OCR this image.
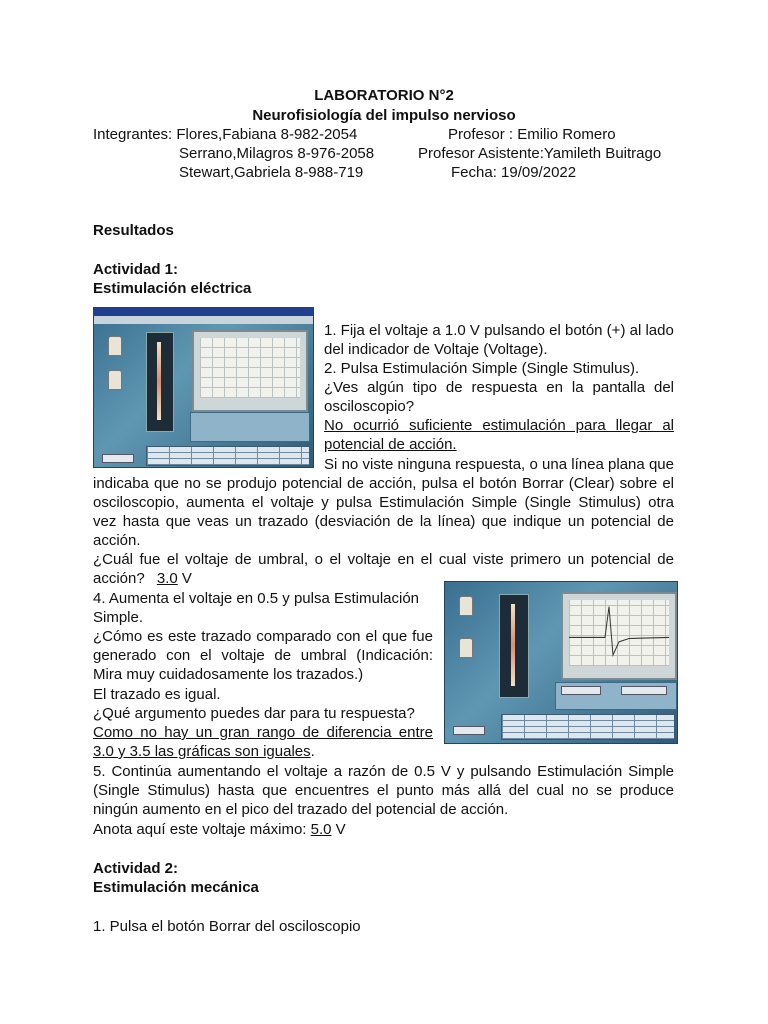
LABORATORIO N°2
Neurofisiología del impulso nervioso
Integrantes: Flores,Fabiana 8-982-2054
Serrano,Milagros 8-976-2058
Stewart,Gabriela 8-988-719
Profesor : Emilio Romero
Profesor Asistente:Yamileth Buitrago
Fecha: 19/09/2022
Resultados
Actividad 1:
Estimulación eléctrica
1. Fija el voltaje a 1.0 V pulsando el botón (+) al lado
del indicador de Voltaje (Voltage).
2. Pulsa Estimulación Simple (Single Stimulus).
¿Ves algún tipo de respuesta en la pantalla del
osciloscopio?
No ocurrió suficiente estimulación para llegar al
potencial de acción.
Si no viste ninguna respuesta, o una línea plana que
indicaba que no se produjo potencial de acción, pulsa el botón Borrar (Clear) sobre el
osciloscopio, aumenta el voltaje y pulsa Estimulación Simple (Single Stimulus) otra
vez hasta que veas un trazado (desviación de la línea) que indique un potencial de
acción.
¿Cuál fue el voltaje de umbral, o el voltaje en el cual viste primero un potencial de
acción? 3.0 V
4. Aumenta el voltaje en 0.5 y pulsa Estimulación
Simple.
¿Cómo es este trazado comparado con el que fue
generado con el voltaje de umbral (Indicación:
Mira muy cuidadosamente los trazados.)
El trazado es igual.
¿Qué argumento puedes dar para tu respuesta?
Como no hay un gran rango de diferencia entre
3.0 y 3.5 las gráficas son iguales.
5. Continúa aumentando el voltaje a razón de 0.5 V y pulsando Estimulación Simple
(Single Stimulus) hasta que encuentres el punto más allá del cual no se produce
ningún aumento en el pico del trazado del potencial de acción.
Anota aquí este voltaje máximo: 5.0 V
Actividad 2:
Estimulación mecánica
1. Pulsa el botón Borrar del osciloscopio
